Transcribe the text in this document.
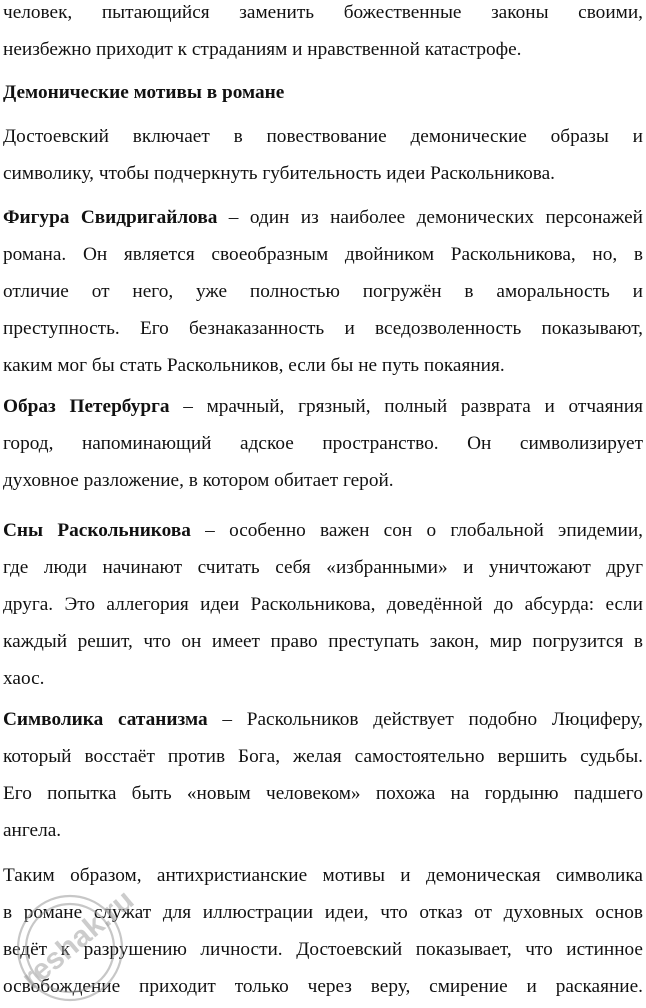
человек, пытающийся заменить божественные законы своими,
неизбежно приходит к страданиям и нравственной катастрофе.
Демонические мотивы в романе
Достоевский включает в повествование демонические образы и
символику, чтобы подчеркнуть губительность идеи Раскольникова.
Фигура Свидригайлова – один из наиболее демонических персонажей
романа. Он является своеобразным двойником Раскольникова, но, в
отличие от него, уже полностью погружён в аморальность и
преступность. Его безнаказанность и вседозволенность показывают,
каким мог бы стать Раскольников, если бы не путь покаяния.
Образ Петербурга – мрачный, грязный, полный разврата и отчаяния
город, напоминающий адское пространство. Он символизирует
духовное разложение, в котором обитает герой.
Сны Раскольникова – особенно важен сон о глобальной эпидемии,
где люди начинают считать себя «избранными» и уничтожают друг
друга. Это аллегория идеи Раскольникова, доведённой до абсурда: если
каждый решит, что он имеет право преступать закон, мир погрузится в
хаос.
Символика сатанизма – Раскольников действует подобно Люциферу,
который восстаёт против Бога, желая самостоятельно вершить судьбы.
Его попытка быть «новым человеком» похожа на гордыню падшего
ангела.
Таким образом, антихристианские мотивы и демоническая символика
в романе служат для иллюстрации идеи, что отказ от духовных основ
ведёт к разрушению личности. Достоевский показывает, что истинное
освобождение приходит только через веру, смирение и раскаяние.
reshak.ru
